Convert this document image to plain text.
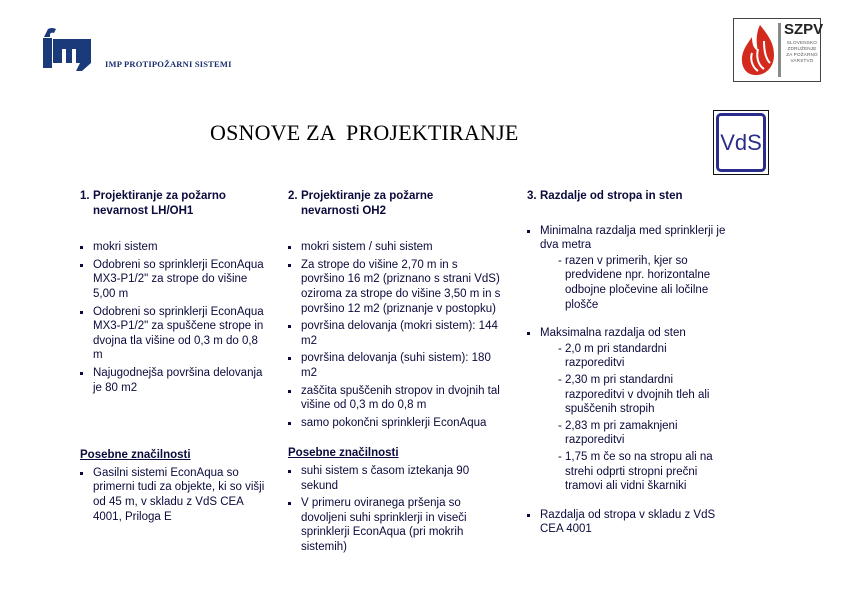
IMP PROTIPOŽARNI SISTEMI
SZPV
SLOVENSKO ZDRUŽENJE ZA POŽARNO VARSTVO
VdS
OSNOVE ZA  PROJEKTIRANJE
1. Projektiranje za požarno
nevarnost LH/OH1
mokri sistem
Odobreni so sprinklerji EconAqua MX3-P1/2" za strope do višine 5,00 m
Odobreni so sprinklerji EconAqua MX3-P1/2" za spuščene strope in dvojna tla višine od 0,3 m do 0,8 m
Najugodnejša površina delovanja je 80 m2
Posebne značilnosti
Gasilni sistemi EconAqua so primerni tudi za objekte, ki so višji od 45 m, v skladu z VdS CEA 4001, Priloga E
2. Projektiranje za požarne
nevarnosti OH2
mokri sistem / suhi sistem
Za strope do višine 2,70 m in s površino 16 m2 (priznano s strani VdS) oziroma za strope do višine 3,50 m in s površino 12 m2 (priznanje v postopku)
površina delovanja (mokri sistem): 144 m2
površina delovanja (suhi sistem): 180 m2
zaščita spuščenih stropov in dvojnih tal višine od 0,3 m do 0,8 m
samo pokončni sprinklerji EconAqua
Posebne značilnosti
suhi sistem s časom iztekanja 90 sekund
V primeru oviranega pršenja so dovoljeni suhi sprinklerji in viseči sprinklerji EconAqua (pri mokrih sistemih)
3. Razdalje od stropa in sten
Minimalna razdalja med sprinklerji je dva metra
- razen v primerih, kjer so predvidene npr. horizontalne odbojne pločevine ali ločilne plošče
Maksimalna razdalja od sten
- 2,0 m pri standardni razporeditvi
- 2,30 m pri standardni razporeditvi v dvojnih tleh ali spuščenih stropih
- 2,83 m pri zamaknjeni razporeditvi
- 1,75 m če so na stropu ali na strehi odprti stropni prečni tramovi ali vidni škarniki
Razdalja od stropa v skladu z VdS CEA 4001
